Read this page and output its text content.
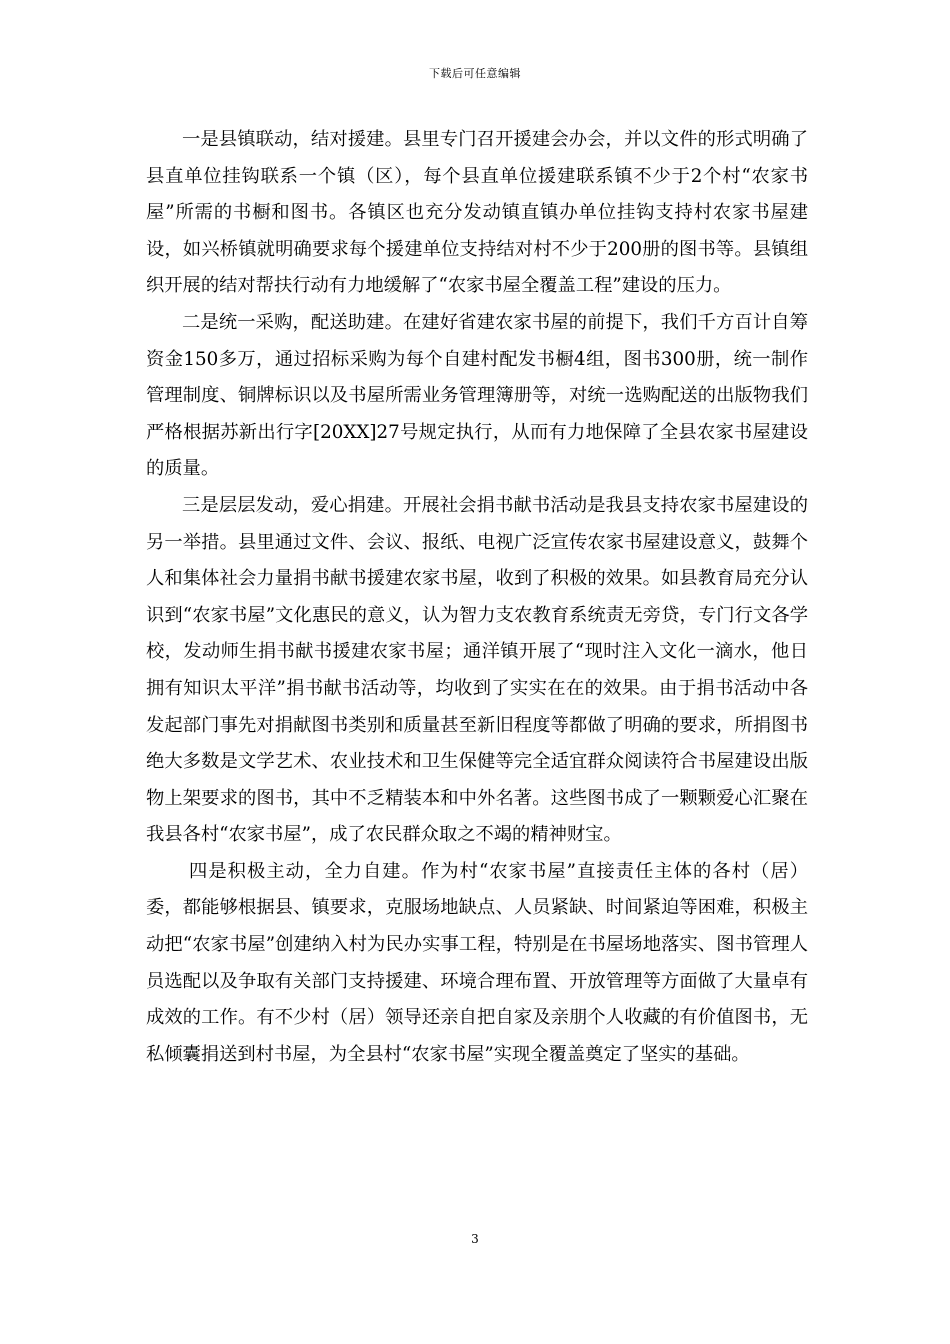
下载后可任意编辑

一是县镇联动，结对援建。县里专门召开援建会办会，并以文件的形式明确了县直单位挂钩联系一个镇（区），每个县直单位援建联系镇不少于2个村“农家书屋”所需的书橱和图书。各镇区也充分发动镇直镇办单位挂钩支持村农家书屋建设，如兴桥镇就明确要求每个援建单位支持结对村不少于200册的图书等。县镇组织开展的结对帮扶行动有力地缓解了“农家书屋全覆盖工程”建设的压力。

二是统一采购，配送助建。在建好省建农家书屋的前提下，我们千方百计自筹资金150多万，通过招标采购为每个自建村配发书橱4组，图书300册，统一制作管理制度、铜牌标识以及书屋所需业务管理簿册等，对统一选购配送的出版物我们严格根据苏新出行字[20XX]27号规定执行，从而有力地保障了全县农家书屋建设的质量。

三是层层发动，爱心捐建。开展社会捐书献书活动是我县支持农家书屋建设的另一举措。县里通过文件、会议、报纸、电视广泛宣传农家书屋建设意义，鼓舞个人和集体社会力量捐书献书援建农家书屋，收到了积极的效果。如县教育局充分认识到“农家书屋”文化惠民的意义，认为智力支农教育系统责无旁贷，专门行文各学校，发动师生捐书献书援建农家书屋；通洋镇开展了“现时注入文化一滴水，他日拥有知识太平洋”捐书献书活动等，均收到了实实在在的效果。由于捐书活动中各发起部门事先对捐献图书类别和质量甚至新旧程度等都做了明确的要求，所捐图书绝大多数是文学艺术、农业技术和卫生保健等完全适宜群众阅读符合书屋建设出版物上架要求的图书，其中不乏精装本和中外名著。这些图书成了一颗颗爱心汇聚在我县各村“农家书屋”，成了农民群众取之不竭的精神财宝。

四是积极主动，全力自建。作为村“农家书屋”直接责任主体的各村（居）委，都能够根据县、镇要求，克服场地缺点、人员紧缺、时间紧迫等困难，积极主动把“农家书屋”创建纳入村为民办实事工程，特别是在书屋场地落实、图书管理人员选配以及争取有关部门支持援建、环境合理布置、开放管理等方面做了大量卓有成效的工作。有不少村（居）领导还亲自把自家及亲朋个人收藏的有价值图书，无私倾囊捐送到村书屋，为全县村“农家书屋”实现全覆盖奠定了坚实的基础。

3
